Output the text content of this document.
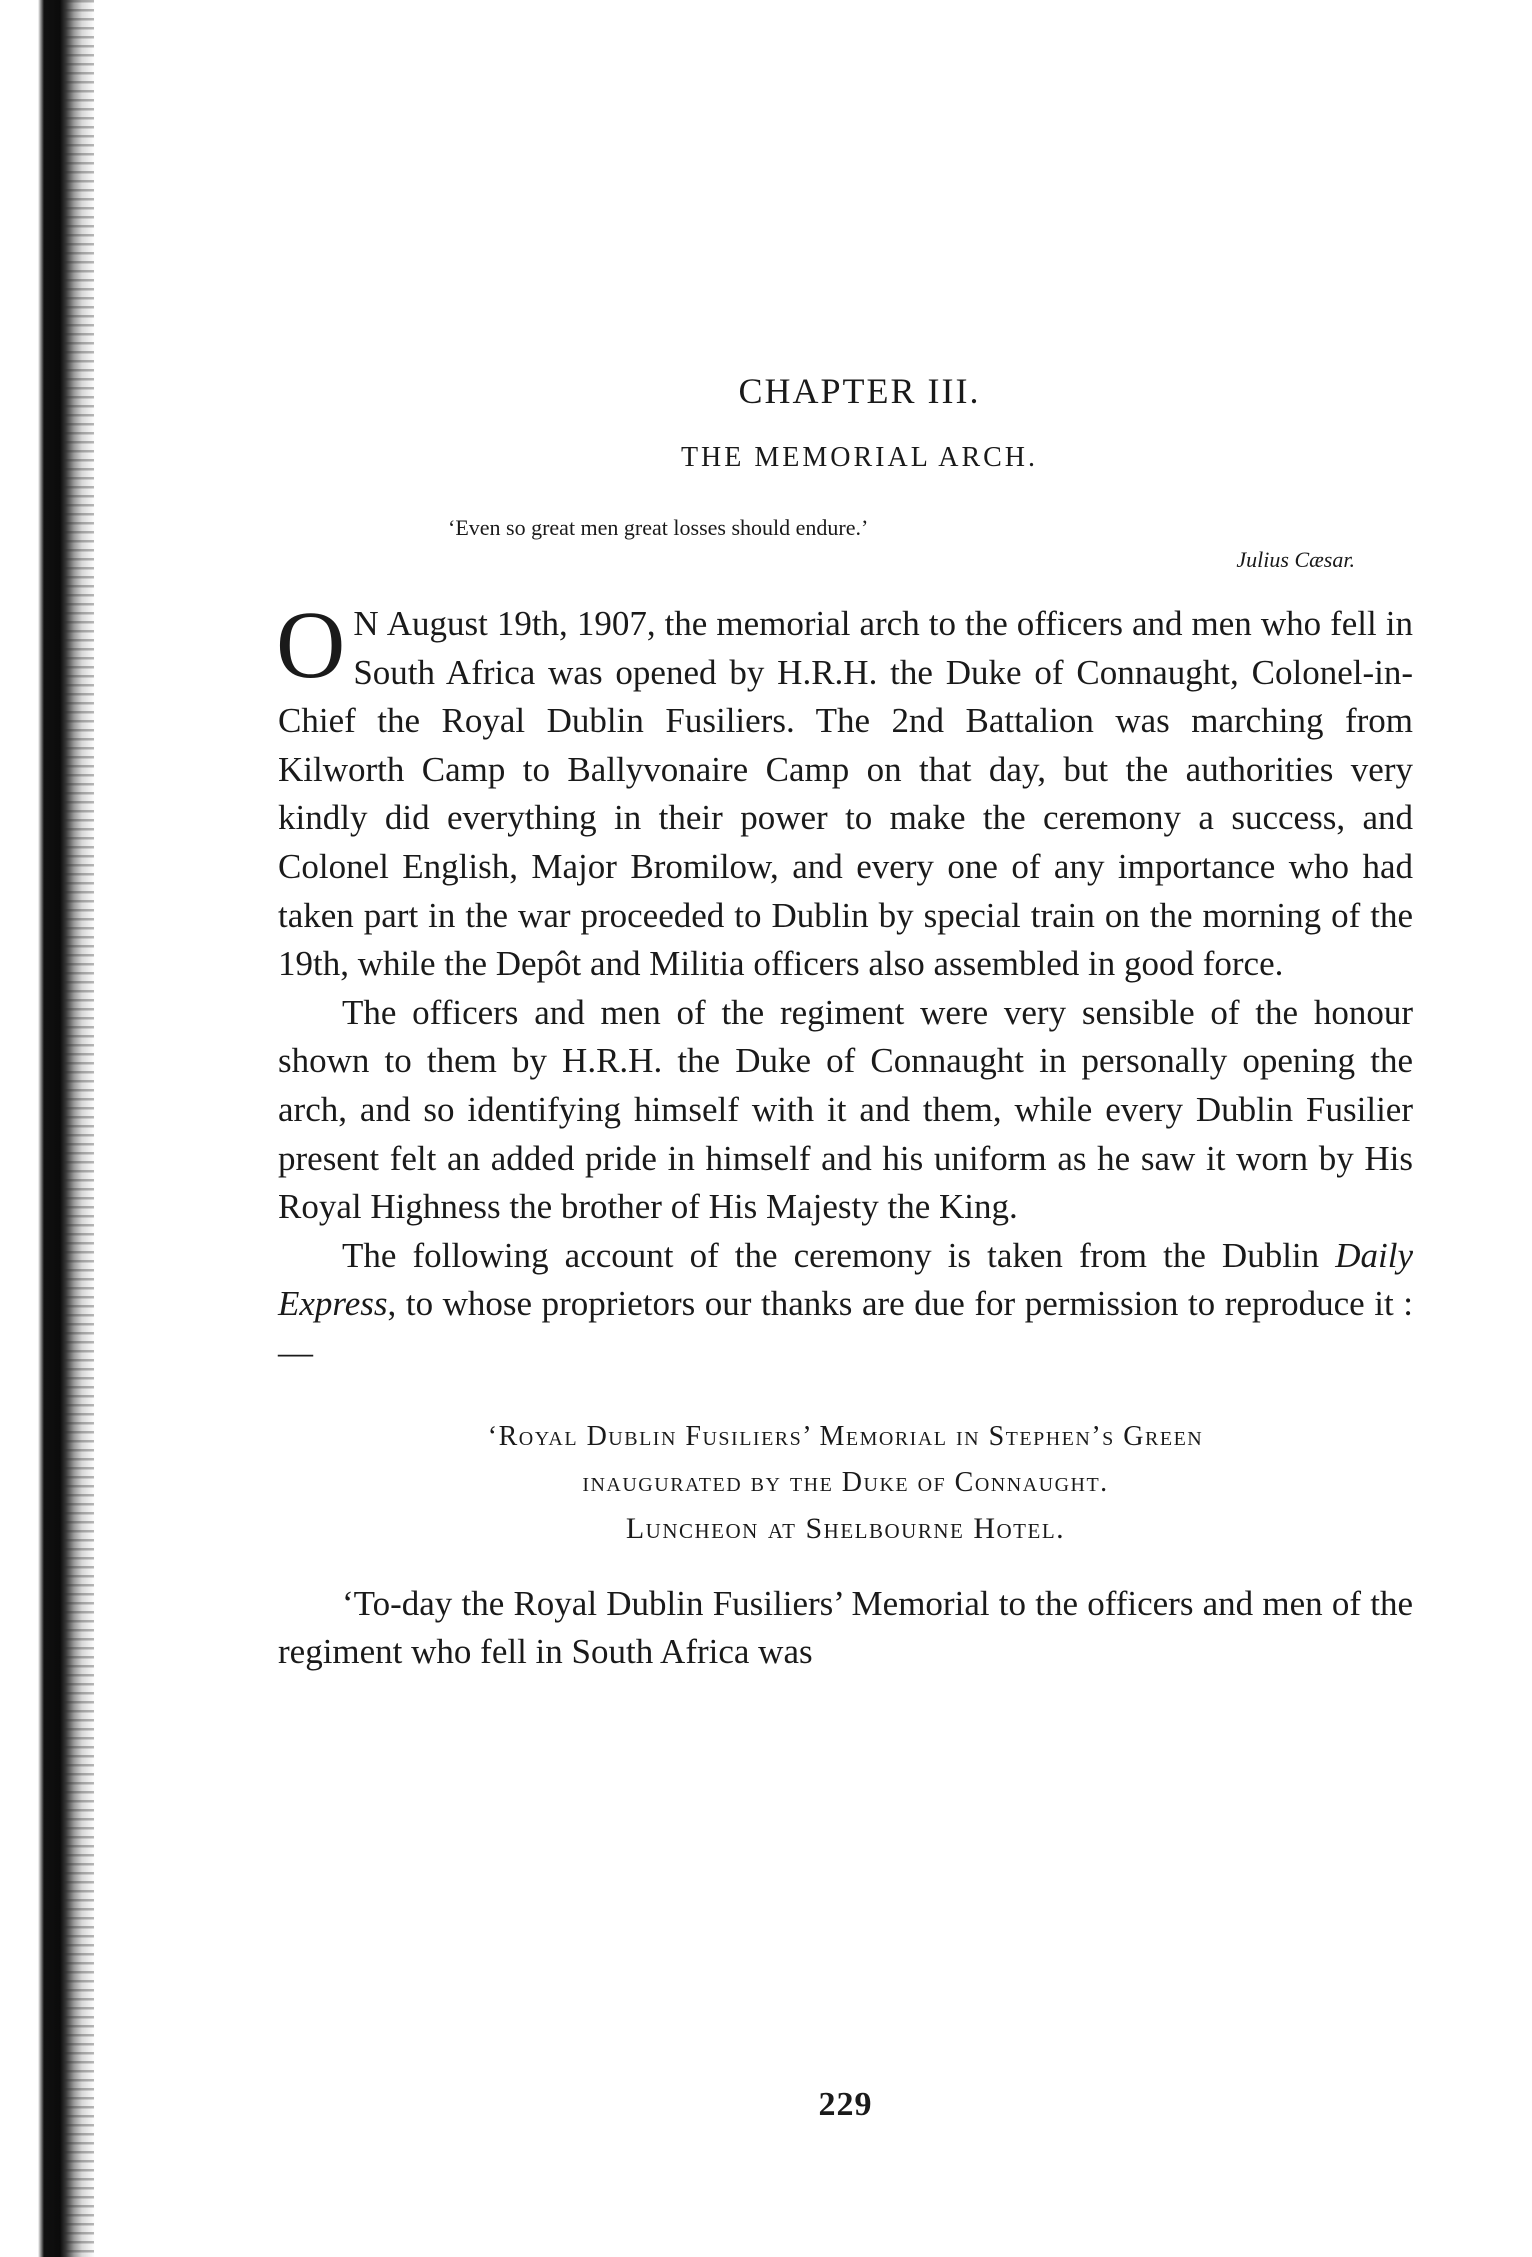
CHAPTER III.
THE MEMORIAL ARCH.
‘Even so great men great losses should endure.’
Julius Cæsar.

O N August 19th, 1907, the memorial arch to the officers and men who fell in South Africa was opened by H.R.H. the Duke of Connaught, Colonel-in-Chief the Royal Dublin Fusiliers. The 2nd Battalion was marching from Kilworth Camp to Ballyvonaire Camp on that day, but the authorities very kindly did everything in their power to make the ceremony a success, and Colonel English, Major Bromilow, and every one of any importance who had taken part in the war proceeded to Dublin by special train on the morning of the 19th, while the Depôt and Militia officers also assembled in good force.

The officers and men of the regiment were very sensible of the honour shown to them by H.R.H. the Duke of Connaught in personally opening the arch, and so identifying himself with it and them, while every Dublin Fusilier present felt an added pride in himself and his uniform as he saw it worn by His Royal Highness the brother of His Majesty the King.

The following account of the ceremony is taken from the Dublin Daily Express, to whose proprietors our thanks are due for permission to reproduce it :—

‘Royal Dublin Fusiliers’ Memorial in Stephen’s Green
inaugurated by the Duke of Connaught.
Luncheon at Shelbourne Hotel.

‘To-day the Royal Dublin Fusiliers’ Memorial to the officers and men of the regiment who fell in South Africa was

229
